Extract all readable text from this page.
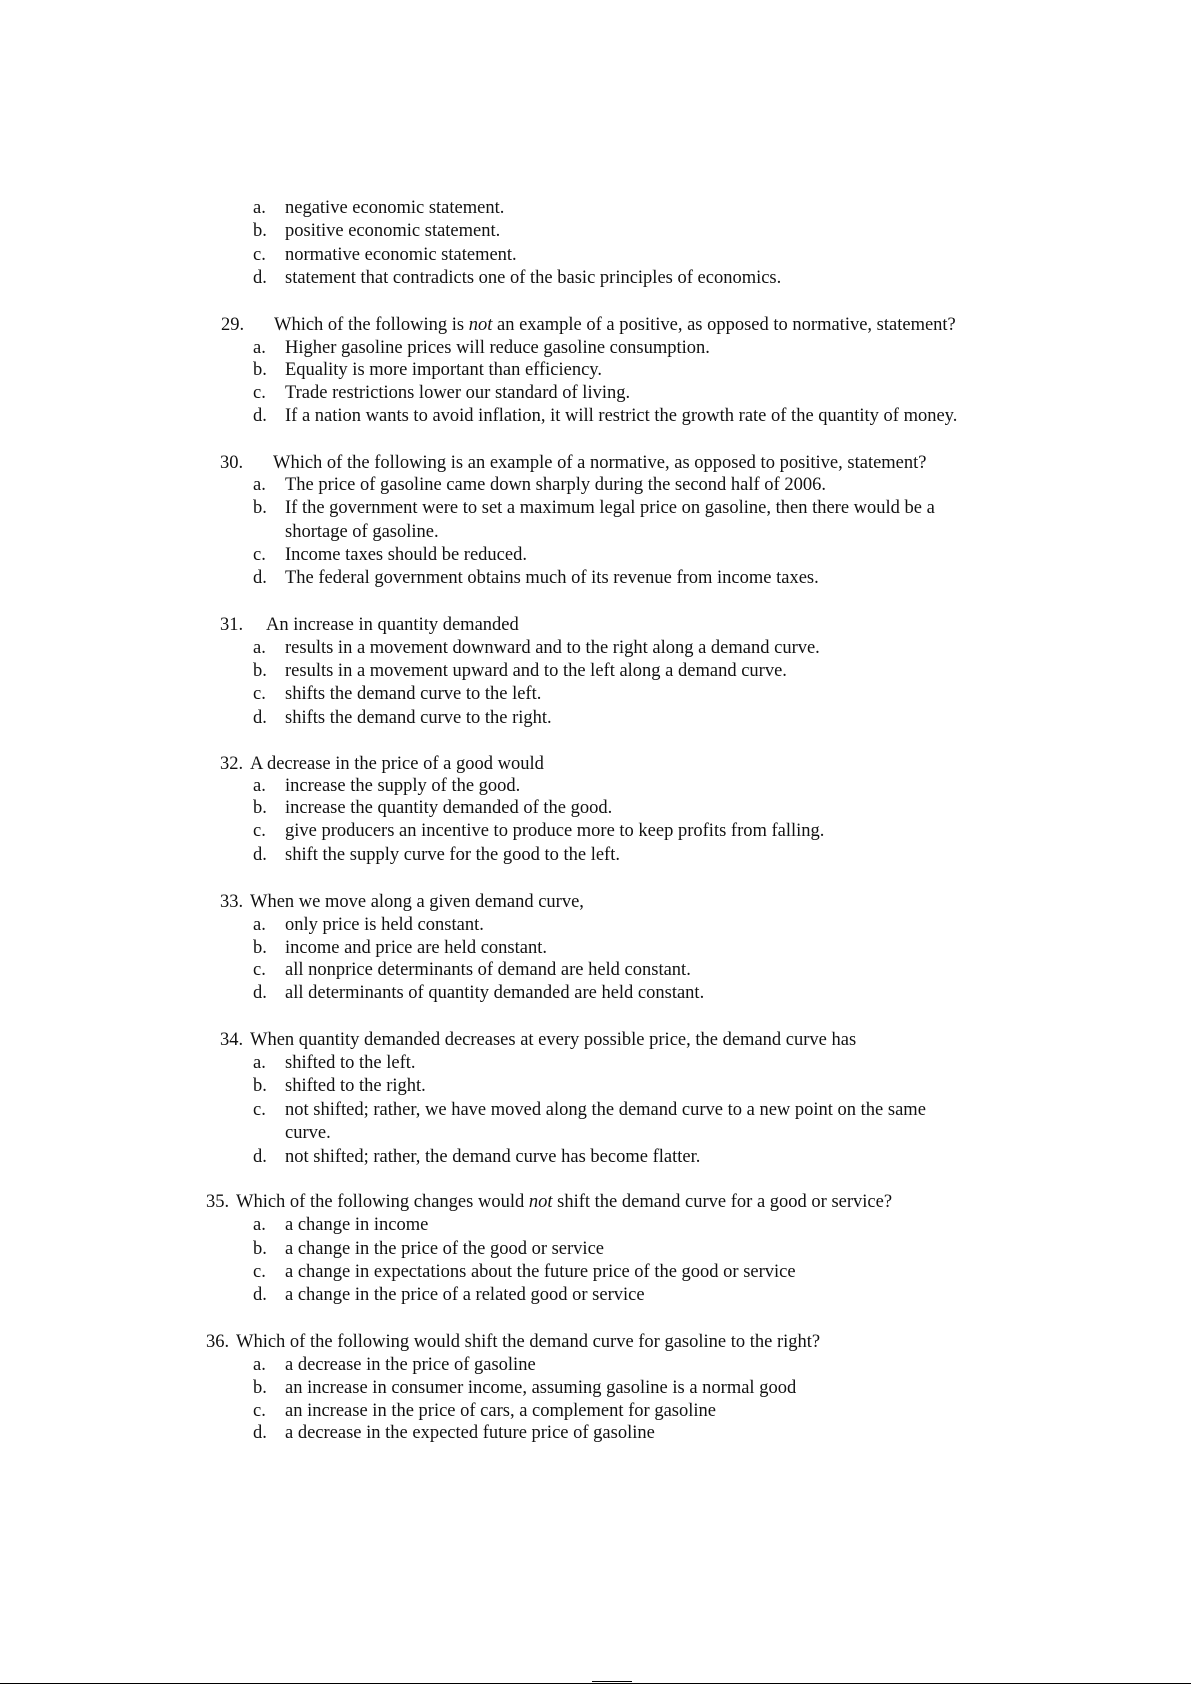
a.	negative economic statement.
b. positive economic statement.
c.	normative economic statement.
d. statement that contradicts one of the basic principles of economics.
29. Which of the following is not an example of a positive, as opposed to normative, statement?
a.	Higher gasoline prices will reduce gasoline consumption.
b. Equality is more important than efficiency.
c.	Trade restrictions lower our standard of living.
d. If a nation wants to avoid inflation, it will restrict the growth rate of the quantity of money.
30. Which of the following is an example of a normative, as opposed to positive, statement?
a.	The price of gasoline came down sharply during the second half of 2006.
b. If the government were to set a maximum legal price on gasoline, then there would be a
shortage of gasoline.
c.	Income taxes should be reduced.
d. The federal government obtains much of its revenue from income taxes.
31. An increase in quantity demanded
a.	results in a movement downward and to the right along a demand curve.
b. results in a movement upward and to the left along a demand curve.
c.	shifts the demand curve to the left.
d. shifts the demand curve to the right.
32. A decrease in the price of a good would
a.	increase the supply of the good.
b. increase the quantity demanded of the good.
c.	give producers an incentive to produce more to keep profits from falling.
d. shift the supply curve for the good to the left.
33. When we move along a given demand curve,
a.	only price is held constant.
b. income and price are held constant.
c.	all nonprice determinants of demand are held constant.
d. all determinants of quantity demanded are held constant.
34. When quantity demanded decreases at every possible price, the demand curve has
a.	shifted to the left.
b. shifted to the right.
c.	not shifted; rather, we have moved along the demand curve to a new point on the same
curve.
d. not shifted; rather, the demand curve has become flatter.
35. Which of the following changes would not shift the demand curve for a good or service?
a.	a change in income
b. a change in the price of the good or service
c.	a change in expectations about the future price of the good or service
d. a change in the price of a related good or service
36. Which of the following would shift the demand curve for gasoline to the right?
a.	a decrease in the price of gasoline
b. an increase in consumer income, assuming gasoline is a normal good
c.	an increase in the price of cars, a complement for gasoline
d. a decrease in the expected future price of gasoline
